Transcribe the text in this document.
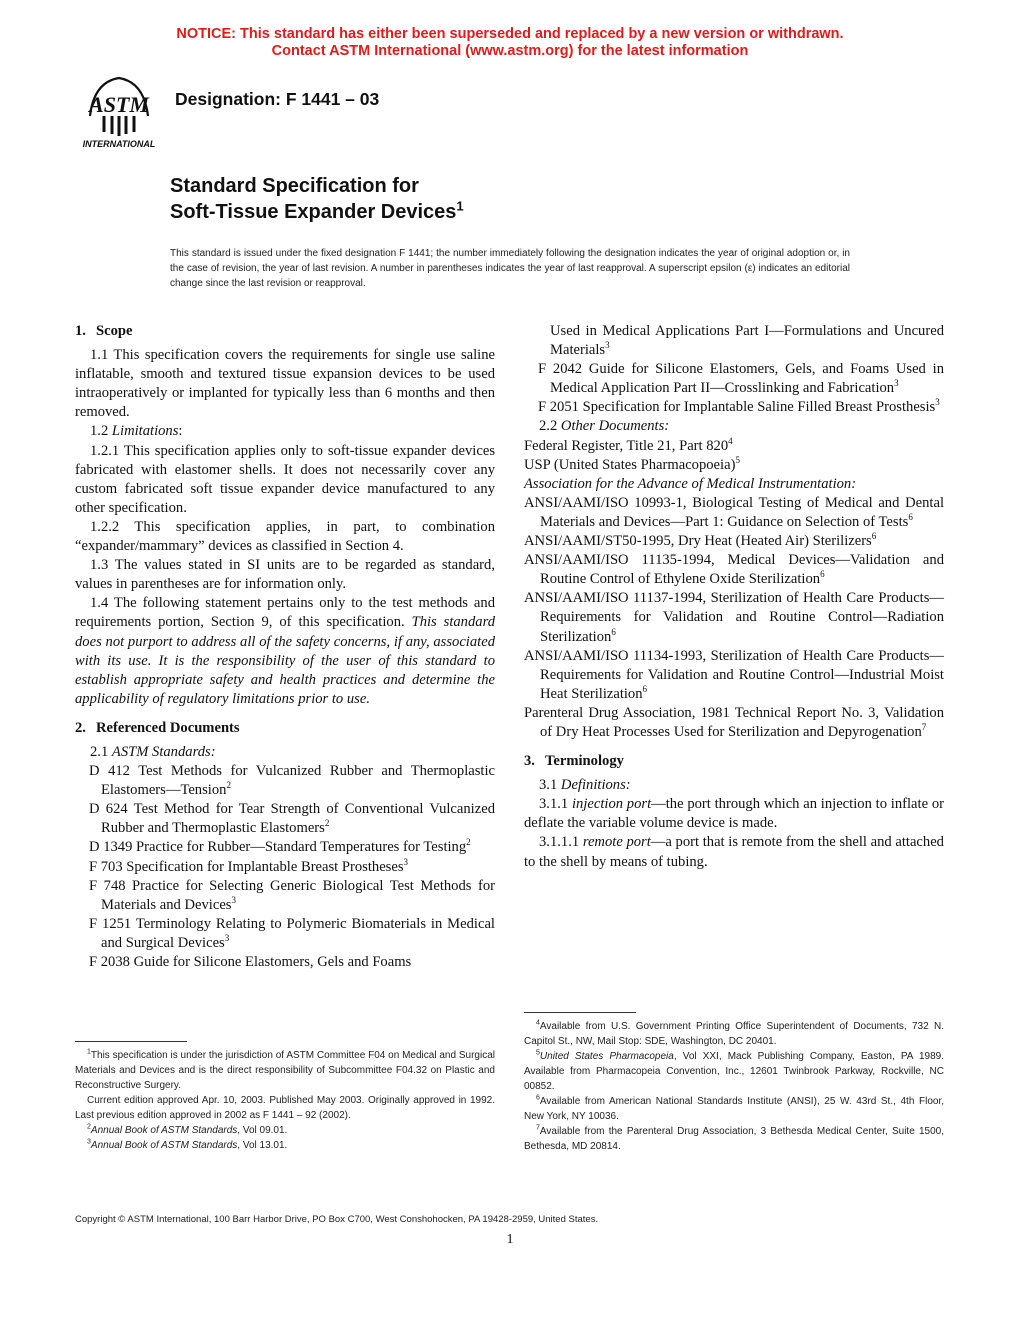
NOTICE: This standard has either been superseded and replaced by a new version or withdrawn.
Contact ASTM International (www.astm.org) for the latest information
ASTM
INTERNATIONAL
Designation: F 1441 – 03
Standard Specification for
Soft-Tissue Expander Devices$^1$
This standard is issued under the fixed designation F 1441; the number immediately following the designation indicates the year of original adoption or, in the case of revision, the year of last revision. A number in parentheses indicates the year of last reapproval. A superscript epsilon (ε) indicates an editorial change since the last revision or reapproval.

1. Scope

1.1 This specification covers the requirements for single use saline inflatable, smooth and textured tissue expansion devices to be used intraoperatively or implanted for typically less than 6 months and then removed.

1.2 Limitations:

1.2.1 This specification applies only to soft-tissue expander devices fabricated with elastomer shells. It does not necessarily cover any custom fabricated soft tissue expander device manufactured to any other specification.

1.2.2 This specification applies, in part, to combination “expander/mammary” devices as classified in Section 4.

1.3 The values stated in SI units are to be regarded as standard, values in parentheses are for information only.

1.4 The following statement pertains only to the test methods and requirements portion, Section 9, of this specification. This standard does not purport to address all of the safety concerns, if any, associated with its use. It is the responsibility of the user of this standard to establish appropriate safety and health practices and determine the applicability of regulatory limitations prior to use.

2. Referenced Documents

2.1 ASTM Standards:

D 412 Test Methods for Vulcanized Rubber and Thermoplastic Elastomers—Tension$^2$

D 624 Test Method for Tear Strength of Conventional Vulcanized Rubber and Thermoplastic Elastomers$^2$

D 1349 Practice for Rubber—Standard Temperatures for Testing$^2$

F 703 Specification for Implantable Breast Prostheses$^3$

F 748 Practice for Selecting Generic Biological Test Methods for Materials and Devices$^3$

F 1251 Terminology Relating to Polymeric Biomaterials in Medical and Surgical Devices$^3$

F 2038 Guide for Silicone Elastomers, Gels and Foams

Used in Medical Applications Part I—Formulations and Uncured Materials$^3$

F 2042 Guide for Silicone Elastomers, Gels, and Foams Used in Medical Application Part II—Crosslinking and Fabrication$^3$

F 2051 Specification for Implantable Saline Filled Breast Prosthesis$^3$

2.2 Other Documents:

Federal Register, Title 21, Part 820$^4$

USP (United States Pharmacopoeia)$^5$

Association for the Advance of Medical Instrumentation:

ANSI/AAMI/ISO 10993-1, Biological Testing of Medical and Dental Materials and Devices—Part 1: Guidance on Selection of Tests$^6$

ANSI/AAMI/ST50-1995, Dry Heat (Heated Air) Sterilizers$^6$

ANSI/AAMI/ISO 11135-1994, Medical Devices—Validation and Routine Control of Ethylene Oxide Sterilization$^6$

ANSI/AAMI/ISO 11137-1994, Sterilization of Health Care Products—Requirements for Validation and Routine Control—Radiation Sterilization$^6$

ANSI/AAMI/ISO 11134-1993, Sterilization of Health Care Products—Requirements for Validation and Routine Control—Industrial Moist Heat Sterilization$^6$

Parenteral Drug Association, 1981 Technical Report No. 3, Validation of Dry Heat Processes Used for Sterilization and Depyrogenation$^7$

3. Terminology

3.1 Definitions:

3.1.1 injection port—the port through which an injection to inflate or deflate the variable volume device is made.

3.1.1.1 remote port—a port that is remote from the shell and attached to the shell by means of tubing.

$^1$This specification is under the jurisdiction of ASTM Committee F04 on Medical and Surgical Materials and Devices and is the direct responsibility of Subcommittee F04.32 on Plastic and Reconstructive Surgery.

Current edition approved Apr. 10, 2003. Published May 2003. Originally approved in 1992. Last previous edition approved in 2002 as F 1441 – 92 (2002).

$^2$Annual Book of ASTM Standards, Vol 09.01.

$^3$Annual Book of ASTM Standards, Vol 13.01.

$^4$Available from U.S. Government Printing Office Superintendent of Documents, 732 N. Capitol St., NW, Mail Stop: SDE, Washington, DC 20401.

$^5$United States Pharmacopeia, Vol XXI, Mack Publishing Company, Easton, PA 1989. Available from Pharmacopeia Convention, Inc., 12601 Twinbrook Parkway, Rockville, NC 00852.

$^6$Available from American National Standards Institute (ANSI), 25 W. 43rd St., 4th Floor, New York, NY 10036.

$^7$Available from the Parenteral Drug Association, 3 Bethesda Medical Center, Suite 1500, Bethesda, MD 20814.

Copyright © ASTM International, 100 Barr Harbor Drive, PO Box C700, West Conshohocken, PA 19428-2959, United States.
1
